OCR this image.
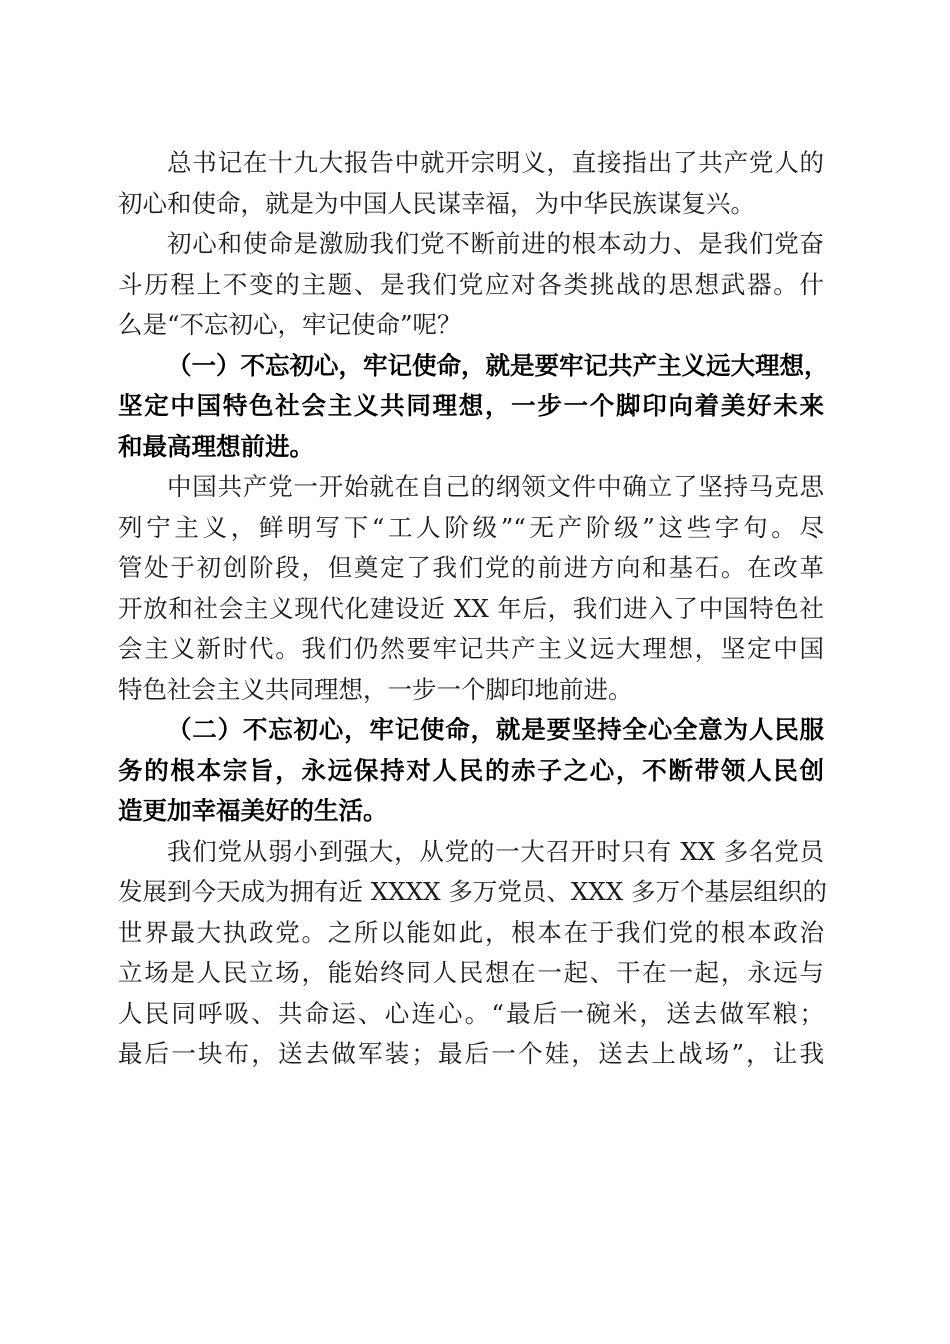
总书记在十九大报告中就开宗明义，直接指出了共产党人的
初心和使命，就是为中国人民谋幸福，为中华民族谋复兴。

初心和使命是激励我们党不断前进的根本动力、是我们党奋
斗历程上不变的主题、是我们党应对各类挑战的思想武器。什
么是“不忘初心，牢记使命”呢？

（一）不忘初心，牢记使命，就是要牢记共产主义远大理想，
坚定中国特色社会主义共同理想，一步一个脚印向着美好未来
和最高理想前进。

中国共产党一开始就在自己的纲领文件中确立了坚持马克思
列宁主义，鲜明写下“工人阶级”“无产阶级”这些字句。尽
管处于初创阶段，但奠定了我们党的前进方向和基石。在改革
开放和社会主义现代化建设近 XX 年后，我们进入了中国特色社
会主义新时代。我们仍然要牢记共产主义远大理想，坚定中国
特色社会主义共同理想，一步一个脚印地前进。

（二）不忘初心，牢记使命，就是要坚持全心全意为人民服
务的根本宗旨，永远保持对人民的赤子之心，不断带领人民创
造更加幸福美好的生活。

我们党从弱小到强大，从党的一大召开时只有 XX 多名党员
发展到今天成为拥有近 XXXX 多万党员、XXX 多万个基层组织的
世界最大执政党。之所以能如此，根本在于我们党的根本政治
立场是人民立场，能始终同人民想在一起、干在一起，永远与
人民同呼吸、共命运、心连心。“最后一碗米，送去做军粮；
最后一块布，送去做军装；最后一个娃，送去上战场”，让我
